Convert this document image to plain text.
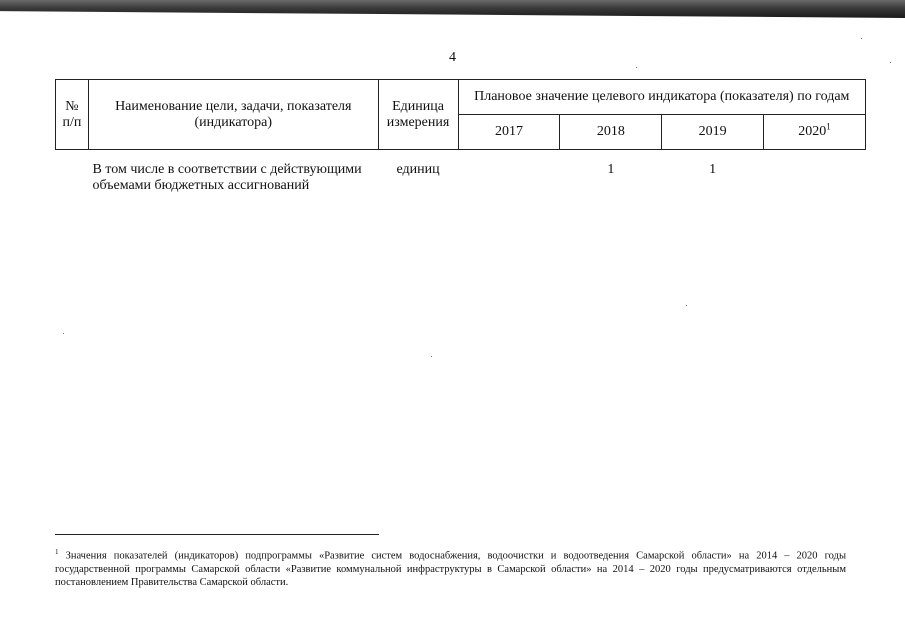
4
№ п/п	Наименование цели, задачи, показателя (индикатора)	Единица измерения	Плановое значение целевого индикатора (показателя) по годам			
			2017	2018	2019	2020$^1$
	В том числе в соответствии с действующими объемами бюджетных ассигнований	единиц		1	1	
$^1$ Значения показателей (индикаторов) подпрограммы «Развитие систем водоснабжения, водоочистки и водоотведения Самарской области» на 2014 – 2020 годы государственной программы Самарской области «Развитие коммунальной инфраструктуры в Самарской области» на 2014 – 2020 годы предусматриваются отдельным постановлением Правительства Самарской области.
